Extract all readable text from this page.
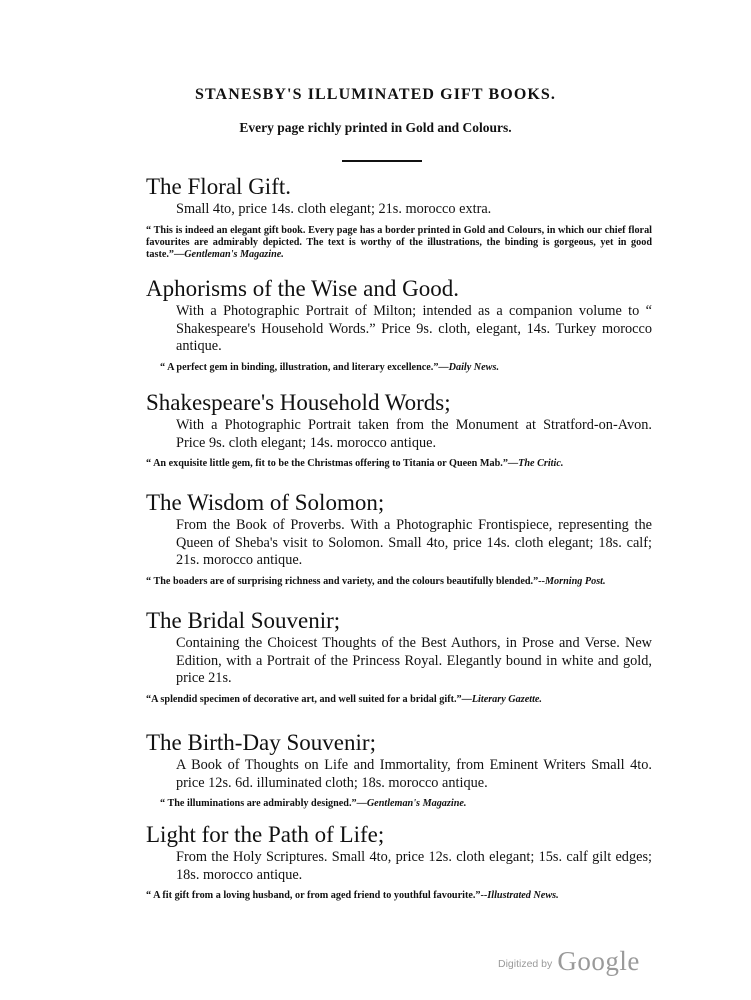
STANESBY'S ILLUMINATED GIFT BOOKS.
Every page richly printed in Gold and Colours.
The Floral Gift.
Small 4to, price 14s. cloth elegant; 21s. morocco extra.
“ This is indeed an elegant gift book. Every page has a border printed in Gold and Colours, in which our chief floral favourites are admirably depicted. The text is worthy of the illustrations, the binding is gorgeous, yet in good taste.”—Gentleman's Magazine.
Aphorisms of the Wise and Good.
With a Photographic Portrait of Milton; intended as a companion volume to “ Shakespeare's Household Words.” Price 9s. cloth, elegant, 14s. Turkey morocco antique.
“ A perfect gem in binding, illustration, and literary excellence.”—Daily News.
Shakespeare's Household Words;
With a Photographic Portrait taken from the Monument at Stratford-on-Avon. Price 9s. cloth elegant; 14s. morocco antique.
“ An exquisite little gem, fit to be the Christmas offering to Titania or Queen Mab.”—The Critic.
The Wisdom of Solomon;
From the Book of Proverbs. With a Photographic Frontispiece, representing the Queen of Sheba's visit to Solomon. Small 4to, price 14s. cloth elegant; 18s. calf; 21s. morocco antique.
“ The boaders are of surprising richness and variety, and the colours beautifully blended.”--Morning Post.
The Bridal Souvenir;
Containing the Choicest Thoughts of the Best Authors, in Prose and Verse. New Edition, with a Portrait of the Princess Royal. Elegantly bound in white and gold, price 21s.
“A splendid specimen of decorative art, and well suited for a bridal gift.”—Literary Gazette.
The Birth-Day Souvenir;
A Book of Thoughts on Life and Immortality, from Eminent Writers Small 4to. price 12s. 6d. illuminated cloth; 18s. morocco antique.
“ The illuminations are admirably designed.”—Gentleman's Magazine.
Light for the Path of Life;
From the Holy Scriptures. Small 4to, price 12s. cloth elegant; 15s. calf gilt edges; 18s. morocco antique.
“ A fit gift from a loving husband, or from aged friend to youthful favourite.”--Illustrated News.
Digitized by Google
